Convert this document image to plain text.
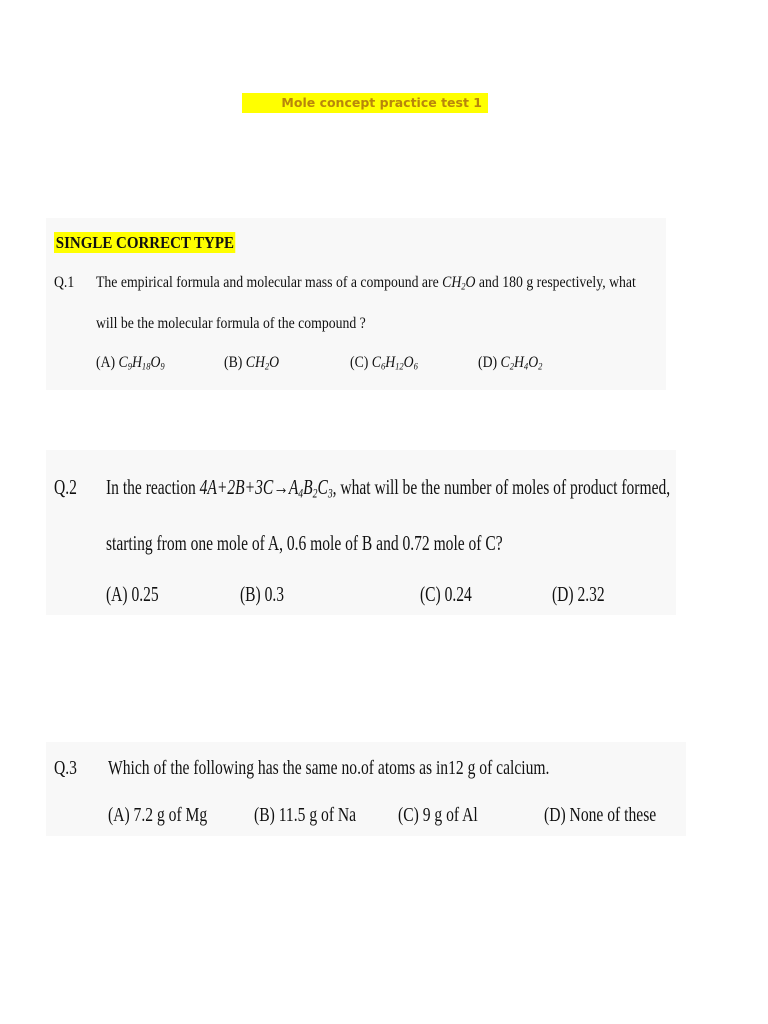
Mole concept practice test 1
SINGLE CORRECT TYPE
Q.1 The empirical formula and molecular mass of a compound are $CH_2O$ and 180 g respectively, what
will be the molecular formula of the compound ?
(A) $C_9H_{18}O_9$	(B) $CH_2O$	(C) $C_6H_{12}O_6$	(D) $C_2H_4O_2$
Q.2 In the reaction $4A+2B+3C\to A_4B_2C_3$, what will be the number of moles of product formed,
starting from one mole of A, 0.6 mole of B and 0.72 mole of C?
(A) 0.25	(B) 0.3	(C) 0.24	(D) 2.32
Q.3 Which of the following has the same no.of atoms as in12 g of calcium.
(A) 7.2 g of Mg (B) 11.5 g of Na (C) 9 g of Al	(D) None of these
